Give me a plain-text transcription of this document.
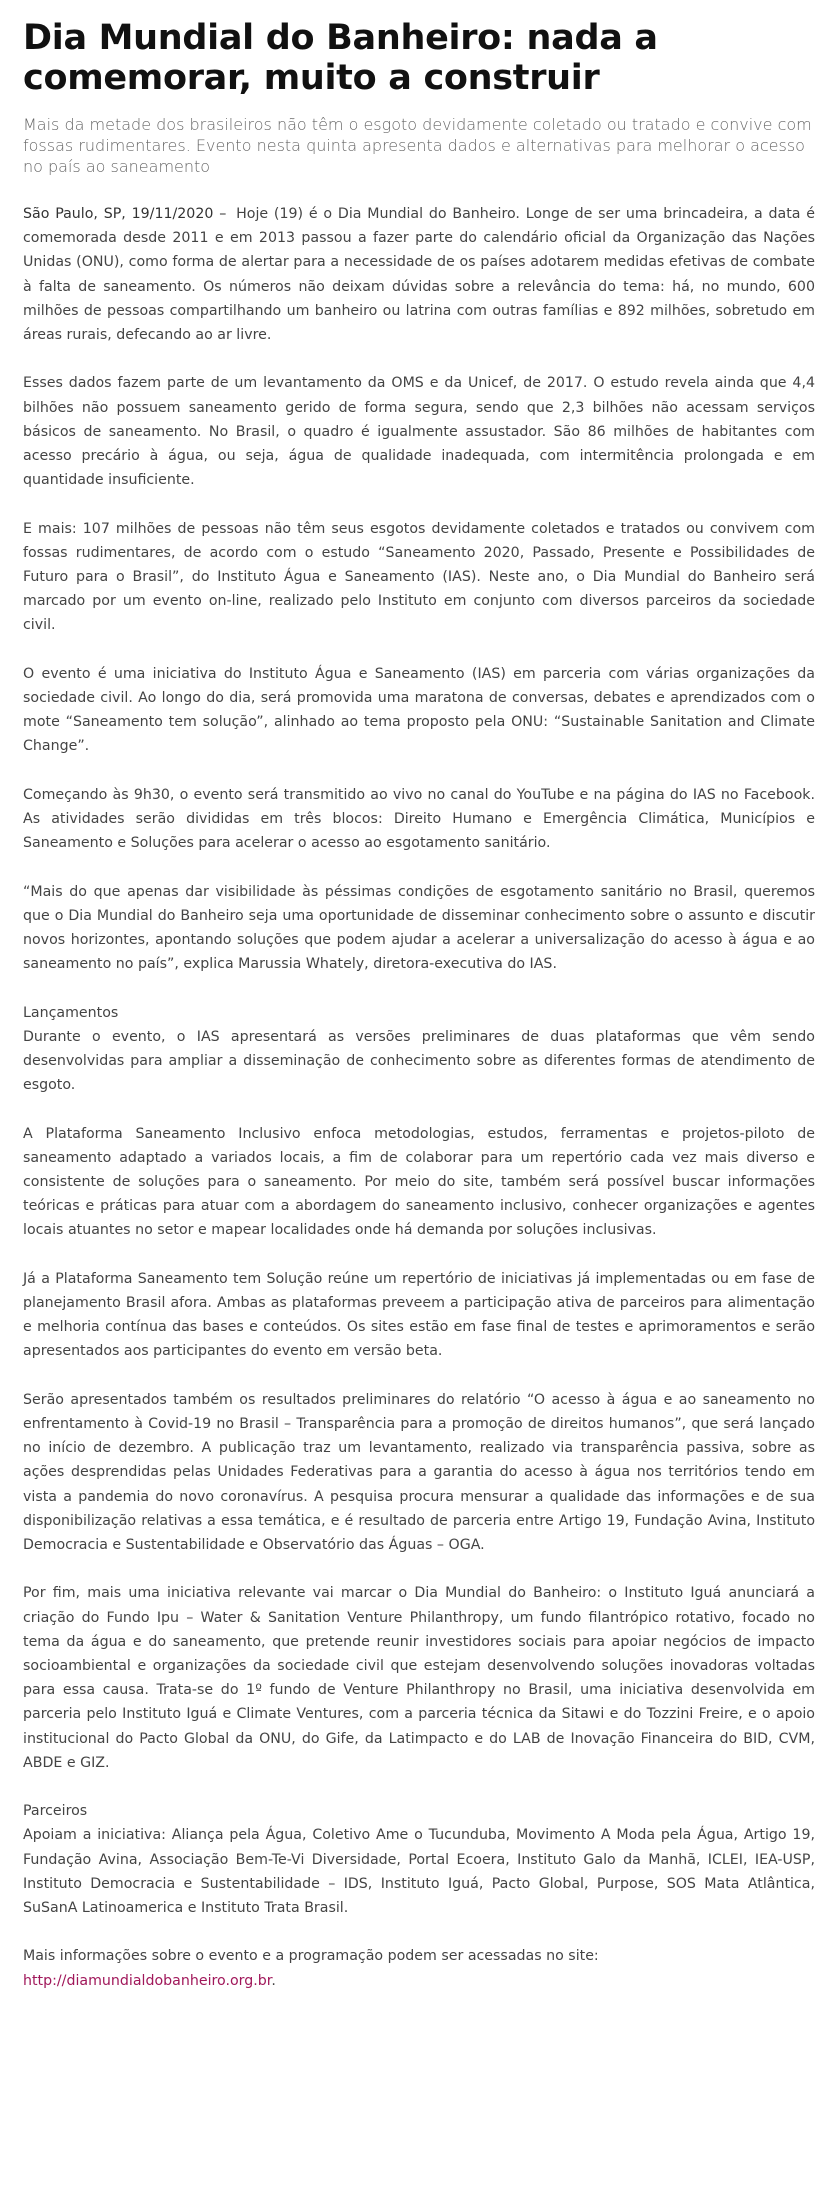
Dia Mundial do Banheiro: nada a comemorar, muito a construir
Mais da metade dos brasileiros não têm o esgoto devidamente coletado ou tratado e convive com fossas rudimentares. Evento nesta quinta apresenta dados e alternativas para melhorar o acesso no país ao saneamento

São Paulo, SP, 19/11/2020 – Hoje (19) é o Dia Mundial do Banheiro. Longe de ser uma brincadeira, a data é comemorada desde 2011 e em 2013 passou a fazer parte do calendário oficial da Organização das Nações Unidas (ONU), como forma de alertar para a necessidade de os países adotarem medidas efetivas de combate à falta de saneamento. Os números não deixam dúvidas sobre a relevância do tema: há, no mundo, 600 milhões de pessoas compartilhando um banheiro ou latrina com outras famílias e 892 milhões, sobretudo em áreas rurais, defecando ao ar livre.

Esses dados fazem parte de um levantamento da OMS e da Unicef, de 2017. O estudo revela ainda que 4,4 bilhões não possuem saneamento gerido de forma segura, sendo que 2,3 bilhões não acessam serviços básicos de saneamento. No Brasil, o quadro é igualmente assustador. São 86 milhões de habitantes com acesso precário à água, ou seja, água de qualidade inadequada, com intermitência prolongada e em quantidade insuficiente.

E mais: 107 milhões de pessoas não têm seus esgotos devidamente coletados e tratados ou convivem com fossas rudimentares, de acordo com o estudo “Saneamento 2020, Passado, Presente e Possibilidades de Futuro para o Brasil”, do Instituto Água e Saneamento (IAS). Neste ano, o Dia Mundial do Banheiro será marcado por um evento on-line, realizado pelo Instituto em conjunto com diversos parceiros da sociedade civil.

O evento é uma iniciativa do Instituto Água e Saneamento (IAS) em parceria com várias organizações da sociedade civil. Ao longo do dia, será promovida uma maratona de conversas, debates e aprendizados com o mote “Saneamento tem solução”, alinhado ao tema proposto pela ONU: “Sustainable Sanitation and Climate Change”.

Começando às 9h30, o evento será transmitido ao vivo no canal do YouTube e na página do IAS no Facebook. As atividades serão divididas em três blocos: Direito Humano e Emergência Climática, Municípios e Saneamento e Soluções para acelerar o acesso ao esgotamento sanitário.

“Mais do que apenas dar visibilidade às péssimas condições de esgotamento sanitário no Brasil, queremos que o Dia Mundial do Banheiro seja uma oportunidade de disseminar conhecimento sobre o assunto e discutir novos horizontes, apontando soluções que podem ajudar a acelerar a universalização do acesso à água e ao saneamento no país”, explica Marussia Whately, diretora-executiva do IAS.

Lançamentos
Durante o evento, o IAS apresentará as versões preliminares de duas plataformas que vêm sendo desenvolvidas para ampliar a disseminação de conhecimento sobre as diferentes formas de atendimento de esgoto.

A Plataforma Saneamento Inclusivo enfoca metodologias, estudos, ferramentas e projetos-piloto de saneamento adaptado a variados locais, a fim de colaborar para um repertório cada vez mais diverso e consistente de soluções para o saneamento. Por meio do site, também será possível buscar informações teóricas e práticas para atuar com a abordagem do saneamento inclusivo, conhecer organizações e agentes locais atuantes no setor e mapear localidades onde há demanda por soluções inclusivas.

Já a Plataforma Saneamento tem Solução reúne um repertório de iniciativas já implementadas ou em fase de planejamento Brasil afora. Ambas as plataformas preveem a participação ativa de parceiros para alimentação e melhoria contínua das bases e conteúdos. Os sites estão em fase final de testes e aprimoramentos e serão apresentados aos participantes do evento em versão beta.

Serão apresentados também os resultados preliminares do relatório “O acesso à água e ao saneamento no enfrentamento à Covid-19 no Brasil – Transparência para a promoção de direitos humanos”, que será lançado no início de dezembro. A publicação traz um levantamento, realizado via transparência passiva, sobre as ações desprendidas pelas Unidades Federativas para a garantia do acesso à água nos territórios tendo em vista a pandemia do novo coronavírus. A pesquisa procura mensurar a qualidade das informações e de sua disponibilização relativas a essa temática, e é resultado de parceria entre Artigo 19, Fundação Avina, Instituto Democracia e Sustentabilidade e Observatório das Águas – OGA.

Por fim, mais uma iniciativa relevante vai marcar o Dia Mundial do Banheiro: o Instituto Iguá anunciará a criação do Fundo Ipu – Water & Sanitation Venture Philanthropy, um fundo filantrópico rotativo, focado no tema da água e do saneamento, que pretende reunir investidores sociais para apoiar negócios de impacto socioambiental e organizações da sociedade civil que estejam desenvolvendo soluções inovadoras voltadas para essa causa. Trata-se do 1º fundo de Venture Philanthropy no Brasil, uma iniciativa desenvolvida em parceria pelo Instituto Iguá e Climate Ventures, com a parceria técnica da Sitawi e do Tozzini Freire, e o apoio institucional do Pacto Global da ONU, do Gife, da Latimpacto e do LAB de Inovação Financeira do BID, CVM, ABDE e GIZ.

Parceiros
Apoiam a iniciativa: Aliança pela Água, Coletivo Ame o Tucunduba, Movimento A Moda pela Água, Artigo 19, Fundação Avina, Associação Bem-Te-Vi Diversidade, Portal Ecoera, Instituto Galo da Manhã, ICLEI, IEA-USP, Instituto Democracia e Sustentabilidade – IDS, Instituto Iguá, Pacto Global, Purpose, SOS Mata Atlântica, SuSanA Latinoamerica e Instituto Trata Brasil.

Mais informações sobre o evento e a programação podem ser acessadas no site:
http://diamundialdobanheiro.org.br.
